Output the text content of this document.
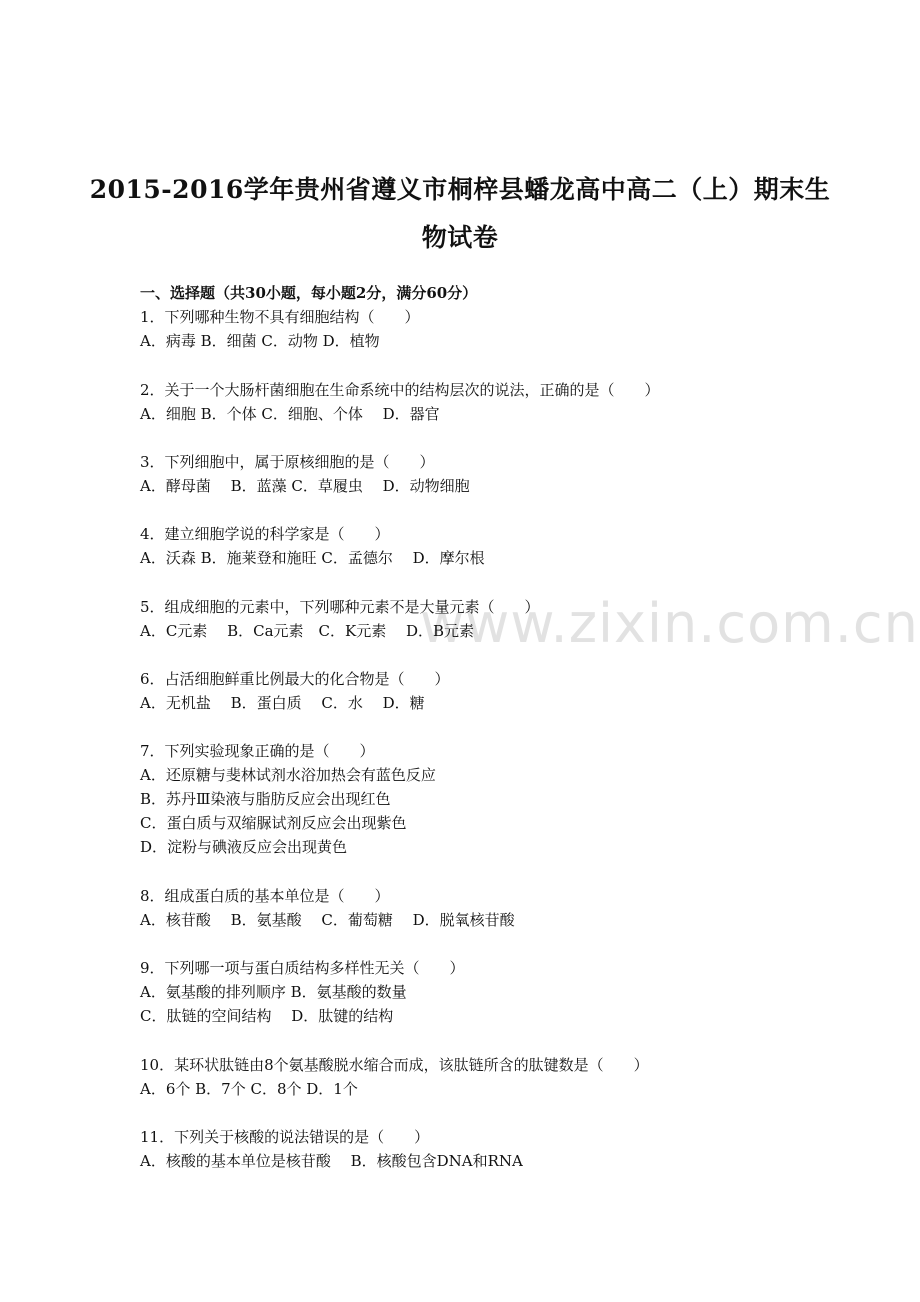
www.zixin.com.cn
2015-2016学年贵州省遵义市桐梓县蟠龙高中高二（上）期末生
物试卷
一、选择题（共30小题，每小题2分，满分60分）
1．下列哪种生物不具有细胞结构（　　）
A．病毒 B．细菌 C．动物 D．植物
2．关于一个大肠杆菌细胞在生命系统中的结构层次的说法，正确的是（　　）
A．细胞 B．个体 C．细胞、个体　 D．器官
3．下列细胞中，属于原核细胞的是（　　）
A．酵母菌　 B．蓝藻 C．草履虫　 D．动物细胞
4．建立细胞学说的科学家是（　　）
A．沃森 B．施莱登和施旺 C．孟德尔　 D．摩尔根
5．组成细胞的元素中，下列哪种元素不是大量元素（　　）
A．C元素　 B．Ca元素　C．K元素　 D．B元素
6．占活细胞鲜重比例最大的化合物是（　　）
A．无机盐　 B．蛋白质　 C．水　 D．糖
7．下列实验现象正确的是（　　）
A．还原糖与斐林试剂水浴加热会有蓝色反应
B．苏丹Ⅲ染液与脂肪反应会出现红色
C．蛋白质与双缩脲试剂反应会出现紫色
D．淀粉与碘液反应会出现黄色
8．组成蛋白质的基本单位是（　　）
A．核苷酸　 B．氨基酸　 C．葡萄糖　 D．脱氧核苷酸
9．下列哪一项与蛋白质结构多样性无关（　　）
A．氨基酸的排列顺序 B．氨基酸的数量
C．肽链的空间结构　 D．肽键的结构
10．某环状肽链由8个氨基酸脱水缩合而成，该肽链所含的肽键数是（　　）
A．6个 B．7个 C．8个 D．1个
11．下列关于核酸的说法错误的是（　　）
A．核酸的基本单位是核苷酸　 B．核酸包含DNA和RNA
